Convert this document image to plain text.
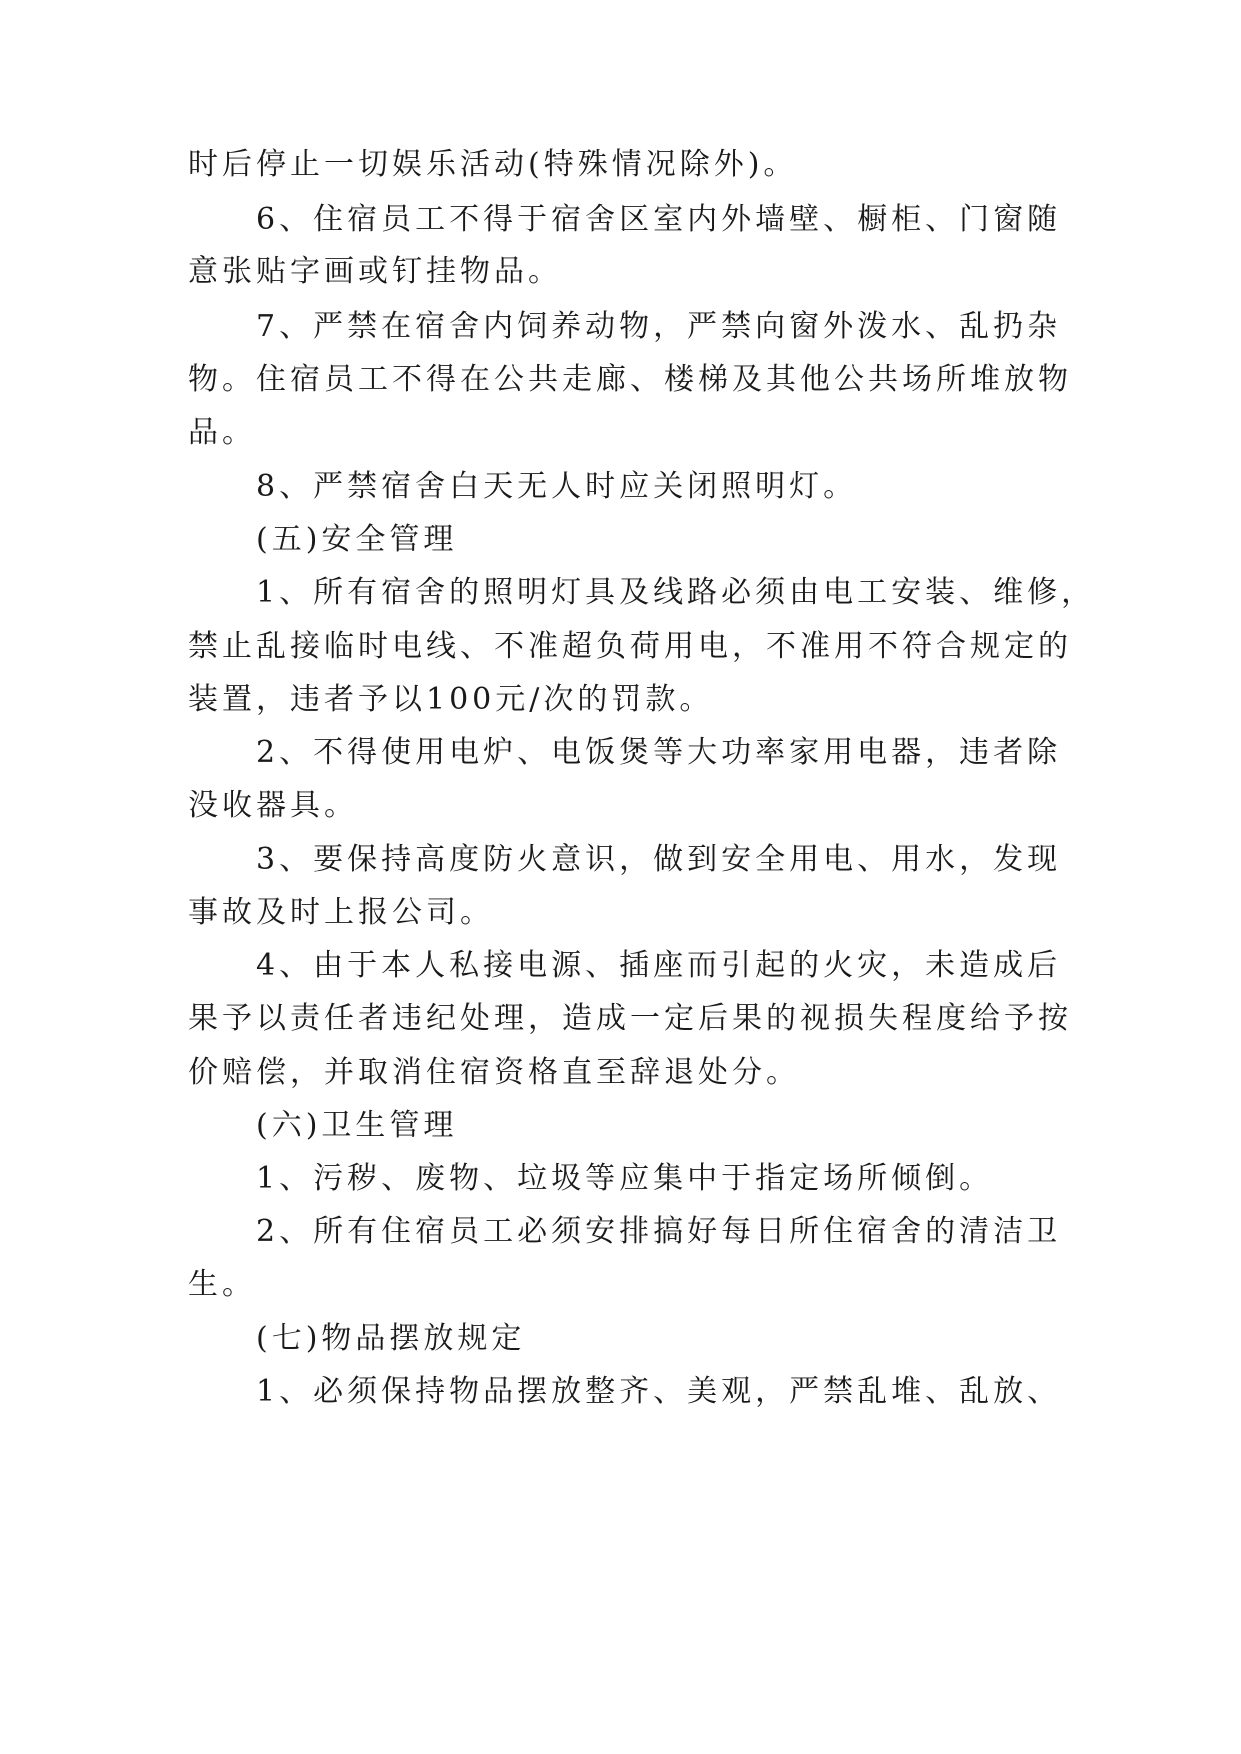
时后停止一切娱乐活动(特殊情况除外)。
6、住宿员工不得于宿舍区室内外墙壁、橱柜、门窗随
意张贴字画或钉挂物品。
7、严禁在宿舍内饲养动物，严禁向窗外泼水、乱扔杂
物。住宿员工不得在公共走廊、楼梯及其他公共场所堆放物
品。
8、严禁宿舍白天无人时应关闭照明灯。
(五)安全管理
1、所有宿舍的照明灯具及线路必须由电工安装、维修，
禁止乱接临时电线、不准超负荷用电，不准用不符合规定的
装置，违者予以100元/次的罚款。
2、不得使用电炉、电饭煲等大功率家用电器，违者除
没收器具。
3、要保持高度防火意识，做到安全用电、用水，发现
事故及时上报公司。
4、由于本人私接电源、插座而引起的火灾，未造成后
果予以责任者违纪处理，造成一定后果的视损失程度给予按
价赔偿，并取消住宿资格直至辞退处分。
(六)卫生管理
1、污秽、废物、垃圾等应集中于指定场所倾倒。
2、所有住宿员工必须安排搞好每日所住宿舍的清洁卫
生。
(七)物品摆放规定
1、必须保持物品摆放整齐、美观，严禁乱堆、乱放、
